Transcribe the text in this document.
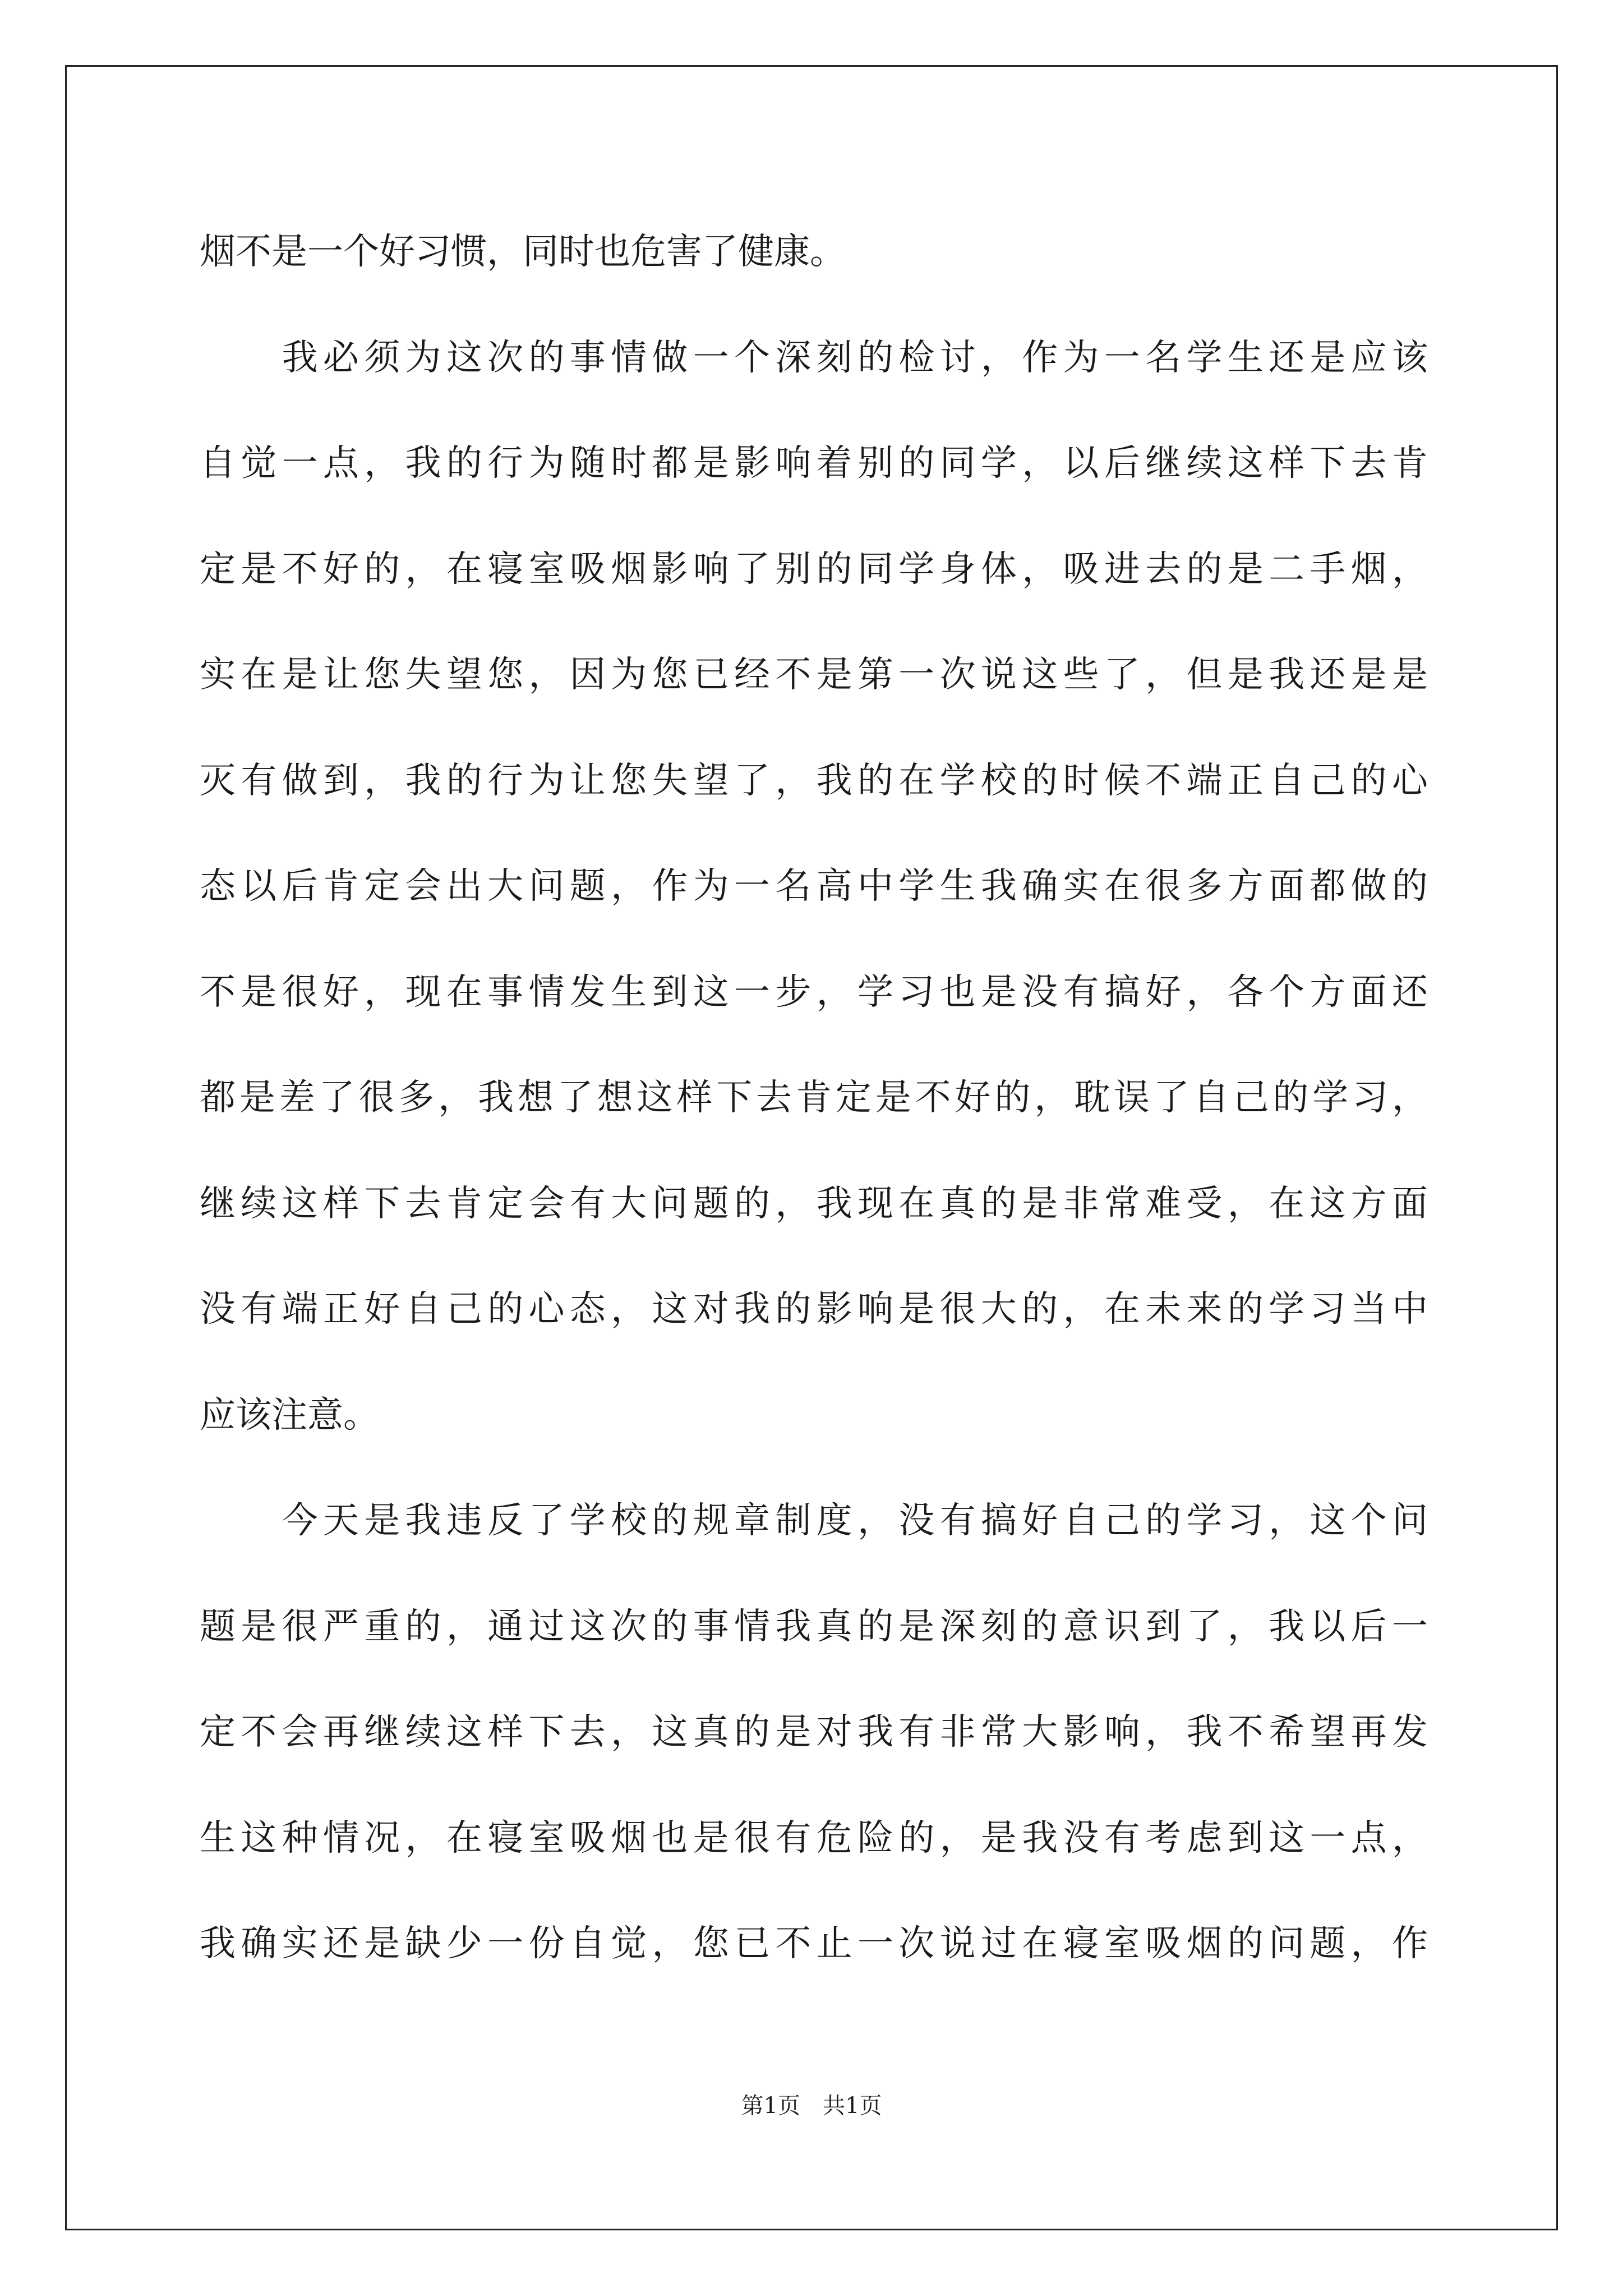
烟不是一个好习惯，同时也危害了健康。
　　我必须为这次的事情做一个深刻的检讨，作为一名学生还是应该
自觉一点，我的行为随时都是影响着别的同学，以后继续这样下去肯
定是不好的，在寝室吸烟影响了别的同学身体，吸进去的是二手烟，
实在是让您失望您，因为您已经不是第一次说这些了，但是我还是是
灭有做到，我的行为让您失望了，我的在学校的时候不端正自己的心
态以后肯定会出大问题，作为一名高中学生我确实在很多方面都做的
不是很好，现在事情发生到这一步，学习也是没有搞好，各个方面还
都是差了很多，我想了想这样下去肯定是不好的，耽误了自己的学习，
继续这样下去肯定会有大问题的，我现在真的是非常难受，在这方面
没有端正好自己的心态，这对我的影响是很大的，在未来的学习当中
应该注意。
　　今天是我违反了学校的规章制度，没有搞好自己的学习，这个问
题是很严重的，通过这次的事情我真的是深刻的意识到了，我以后一
定不会再继续这样下去，这真的是对我有非常大影响，我不希望再发
生这种情况，在寝室吸烟也是很有危险的，是我没有考虑到这一点，
我确实还是缺少一份自觉，您已不止一次说过在寝室吸烟的问题，作
第1页　共1页
